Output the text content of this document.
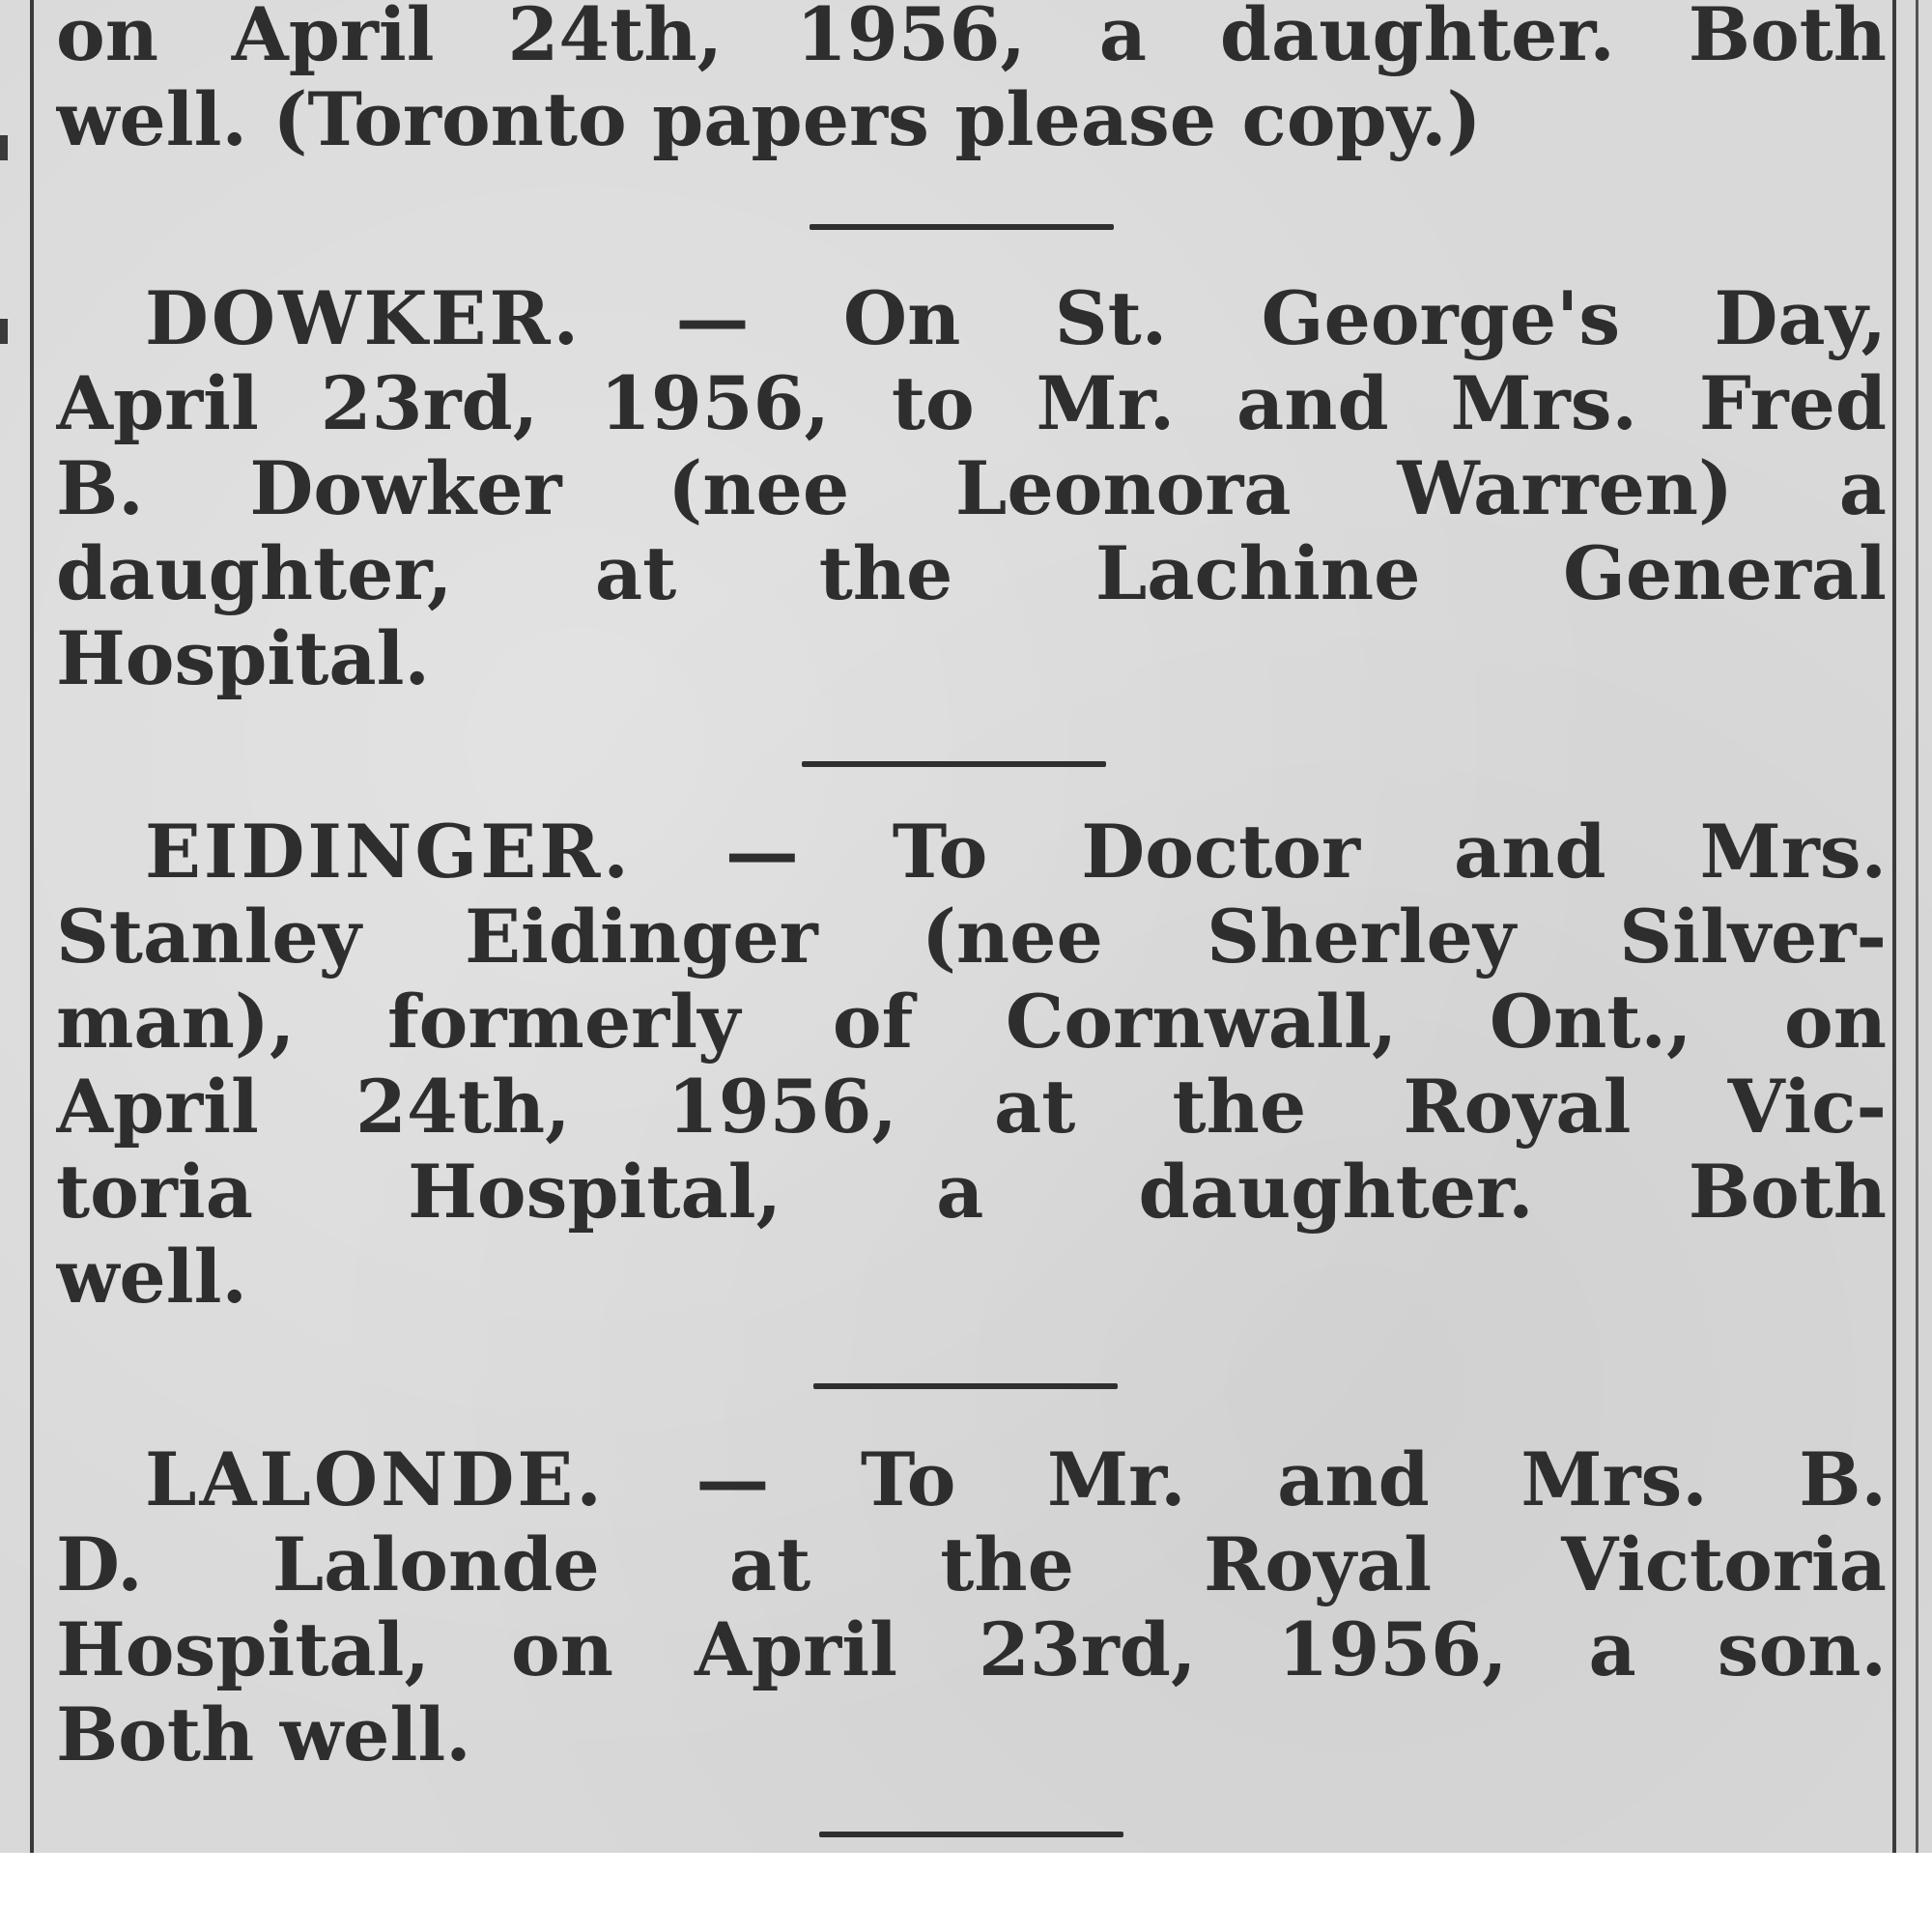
on April 24th, 1956, a daughter. Both
well. (Toronto papers please copy.)
DOWKER. — On St. George's Day,
April 23rd, 1956, to Mr. and Mrs. Fred
B. Dowker (nee Leonora Warren) a
daughter, at the Lachine General
Hospital.
EIDINGER. — To Doctor and Mrs.
Stanley Eidinger (nee Sherley Silver-
man), formerly of Cornwall, Ont., on
April 24th, 1956, at the Royal Vic-
toria Hospital, a daughter. Both
well.
LALONDE. — To Mr. and Mrs. B.
D. Lalonde at the Royal Victoria
Hospital, on April 23rd, 1956, a son.
Both well.
